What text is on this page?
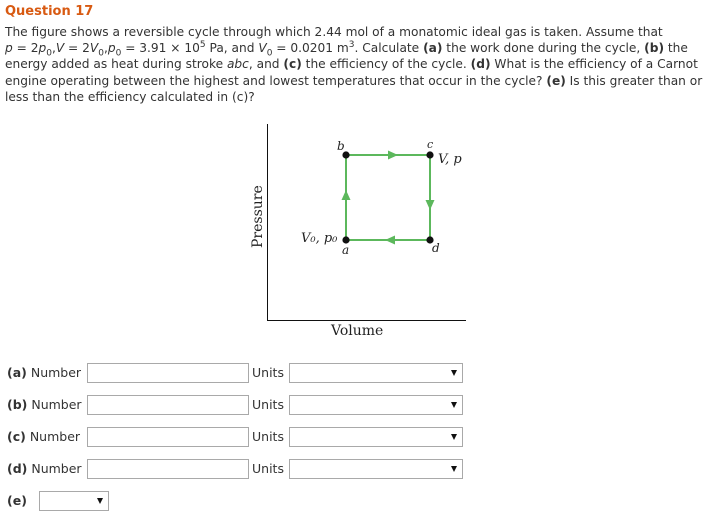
Question 17
The figure shows a reversible cycle through which 2.44 mol of a monatomic ideal gas is taken. Assume that
$p = 2p_0,V = 2V_0,p_0 = 3.91 \times 10^5$ Pa, and $V_0 = 0.0201$ $m^3$. Calculate (a) the work done during the cycle, (b) the energy added as heat during stroke abc, and (c) the efficiency of the cycle. (d) What is the efficiency of a Carnot engine operating between the highest and lowest temperatures that occur in the cycle? (e) Is this greater than or less than the efficiency calculated in (c)?
Pressure
Volume
a
b	c
d
V₀, p₀
V, p
(a) Number	Units
(b) Number	Units
(c) Number	Units
(d) Number	Units
(e)
